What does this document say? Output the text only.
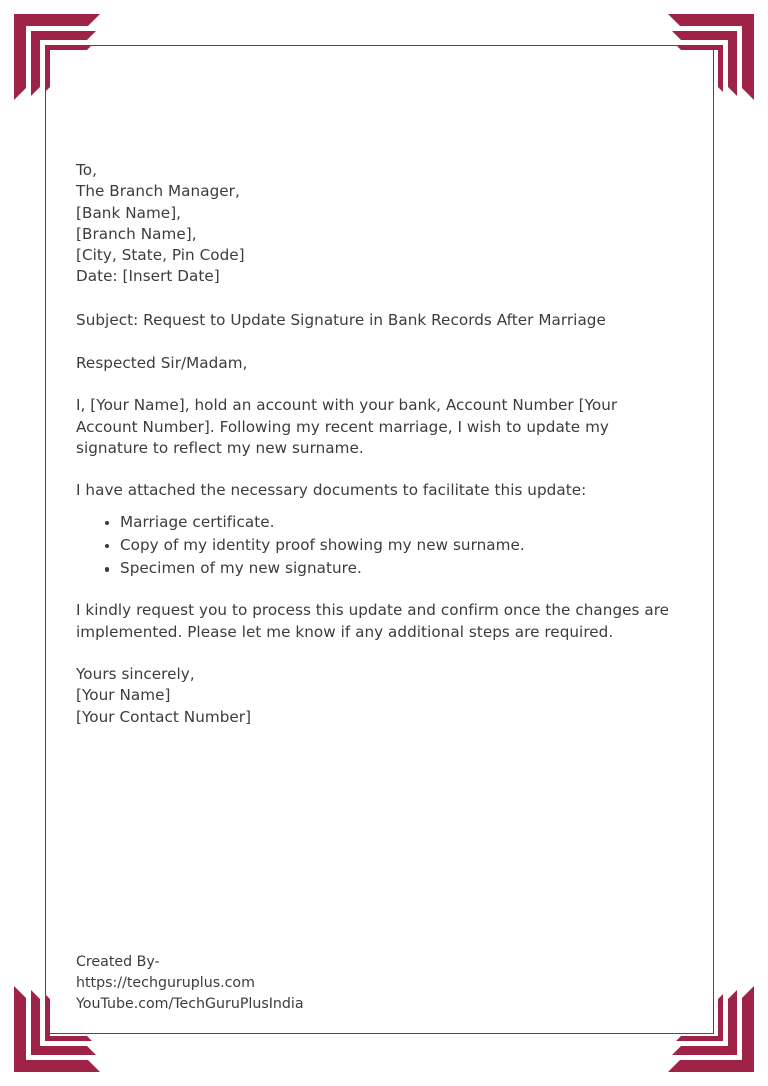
To,
The Branch Manager,
[Bank Name],
[Branch Name],
[City, State, Pin Code]
Date: [Insert Date]
Subject: Request to Update Signature in Bank Records After Marriage
Respected Sir/Madam,
I, [Your Name], hold an account with your bank, Account Number [Your Account Number]. Following my recent marriage, I wish to update my signature to reflect my new surname.
I have attached the necessary documents to facilitate this update:
Marriage certificate.
Copy of my identity proof showing my new surname.
Specimen of my new signature.
I kindly request you to process this update and confirm once the changes are implemented. Please let me know if any additional steps are required.
Yours sincerely,
[Your Name]
[Your Contact Number]
Created By-
https://techguruplus.com
YouTube.com/TechGuruPlusIndia
